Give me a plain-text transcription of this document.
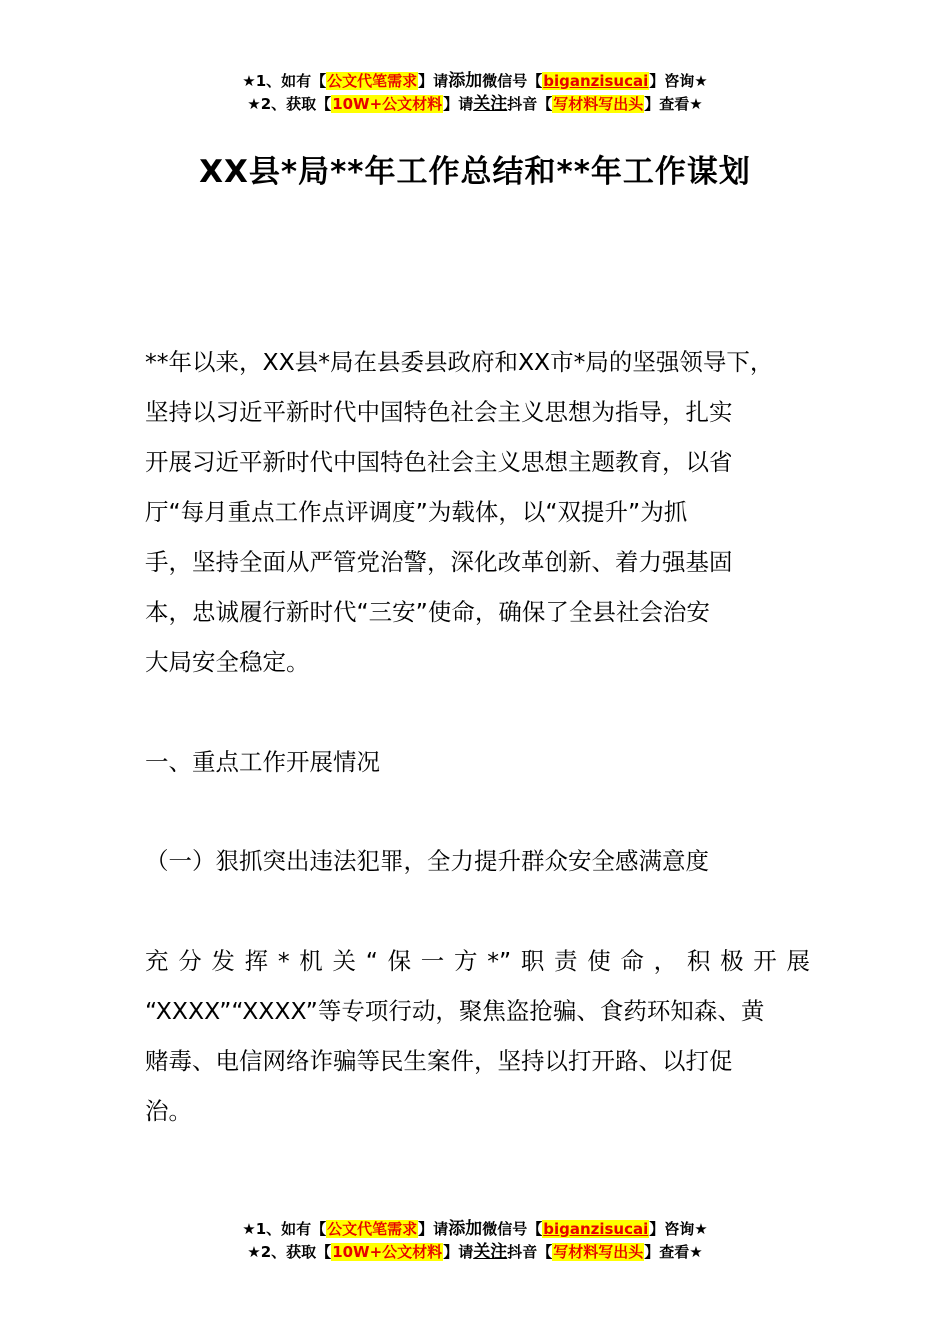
★1、如有【公文代笔需求】请添加微信号【biganzisucai】咨询★
★2、获取【10W+公文材料】请关注抖音【写材料写出头】查看★
XX县*局**年工作总结和**年工作谋划
**年以来，XX县*局在县委县政府和XX市*局的坚强领导下，
坚持以习近平新时代中国特色社会主义思想为指导，扎实
开展习近平新时代中国特色社会主义思想主题教育，以省
厅“每月重点工作点评调度”为载体，以“双提升”为抓
手，坚持全面从严管党治警，深化改革创新、着力强基固
本，忠诚履行新时代“三安”使命，确保了全县社会治安
大局安全稳定。
一、重点工作开展情况
（一）狠抓突出违法犯罪，全力提升群众安全感满意度
充分发挥*机关“保一方*”职责使命，积极开展
“XXXX”“XXXX”等专项行动，聚焦盗抢骗、食药环知森、黄
赌毒、电信网络诈骗等民生案件，坚持以打开路、以打促
治。
★1、如有【公文代笔需求】请添加微信号【biganzisucai】咨询★
★2、获取【10W+公文材料】请关注抖音【写材料写出头】查看★
